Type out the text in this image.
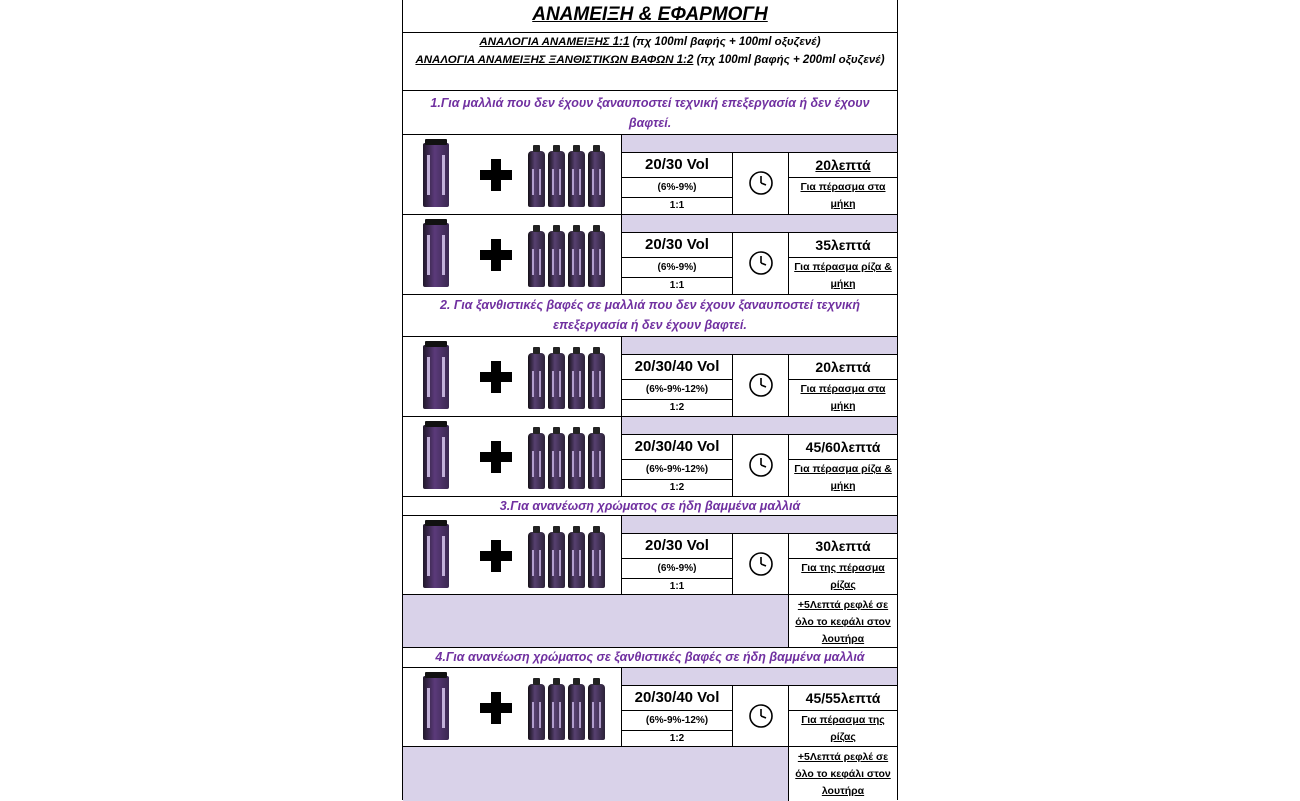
ΑΝΑΜΕΙΞΗ & ΕΦΑΡΜΟΓΗ
ΑΝΑΛΟΓΙΑ ΑΝΑΜΕΙΞΗΣ 1:1 (πχ 100ml βαφής + 100ml οξυζενέ)
ΑΝΑΛΟΓΙΑ ΑΝΑΜΕΙΞΗΣ ΞΑΝΘΙΣΤΙΚΩΝ ΒΑΦΩΝ 1:2 (πχ 100ml βαφής + 200ml οξυζενέ)
1.Για μαλλιά που δεν έχουν ξαναυποστεί τεχνική επεξεργασία ή δεν έχουν βαφτεί.
20/30 Vol
(6%-9%)
1:1
20λεπτά
Για πέρασμα στα μήκη
20/30 Vol
(6%-9%)
1:1
35λεπτά
Για πέρασμα ρίζα & μήκη
2. Για ξανθιστικές βαφές σε μαλλιά που δεν έχουν ξαναυποστεί τεχνική επεξεργασία ή δεν έχουν βαφτεί.
20/30/40 Vol
(6%-9%-12%)
1:2
20λεπτά
Για πέρασμα στα μήκη
20/30/40 Vol
(6%-9%-12%)
1:2
45/60λεπτά
Για πέρασμα ρίζα & μήκη
3.Για ανανέωση χρώματος σε ήδη βαμμένα μαλλιά
20/30 Vol
(6%-9%)
1:1
30λεπτά
Για της πέρασμα ρίζας
+5Λεπτά ρεφλέ σε όλο το κεφάλι στον λουτήρα
4.Για ανανέωση χρώματος σε ξανθιστικές βαφές σε ήδη βαμμένα μαλλιά
20/30/40 Vol
(6%-9%-12%)
1:2
45/55λεπτά
Για πέρασμα της ρίζας
+5Λεπτά ρεφλέ σε όλο το κεφάλι στον λουτήρα
